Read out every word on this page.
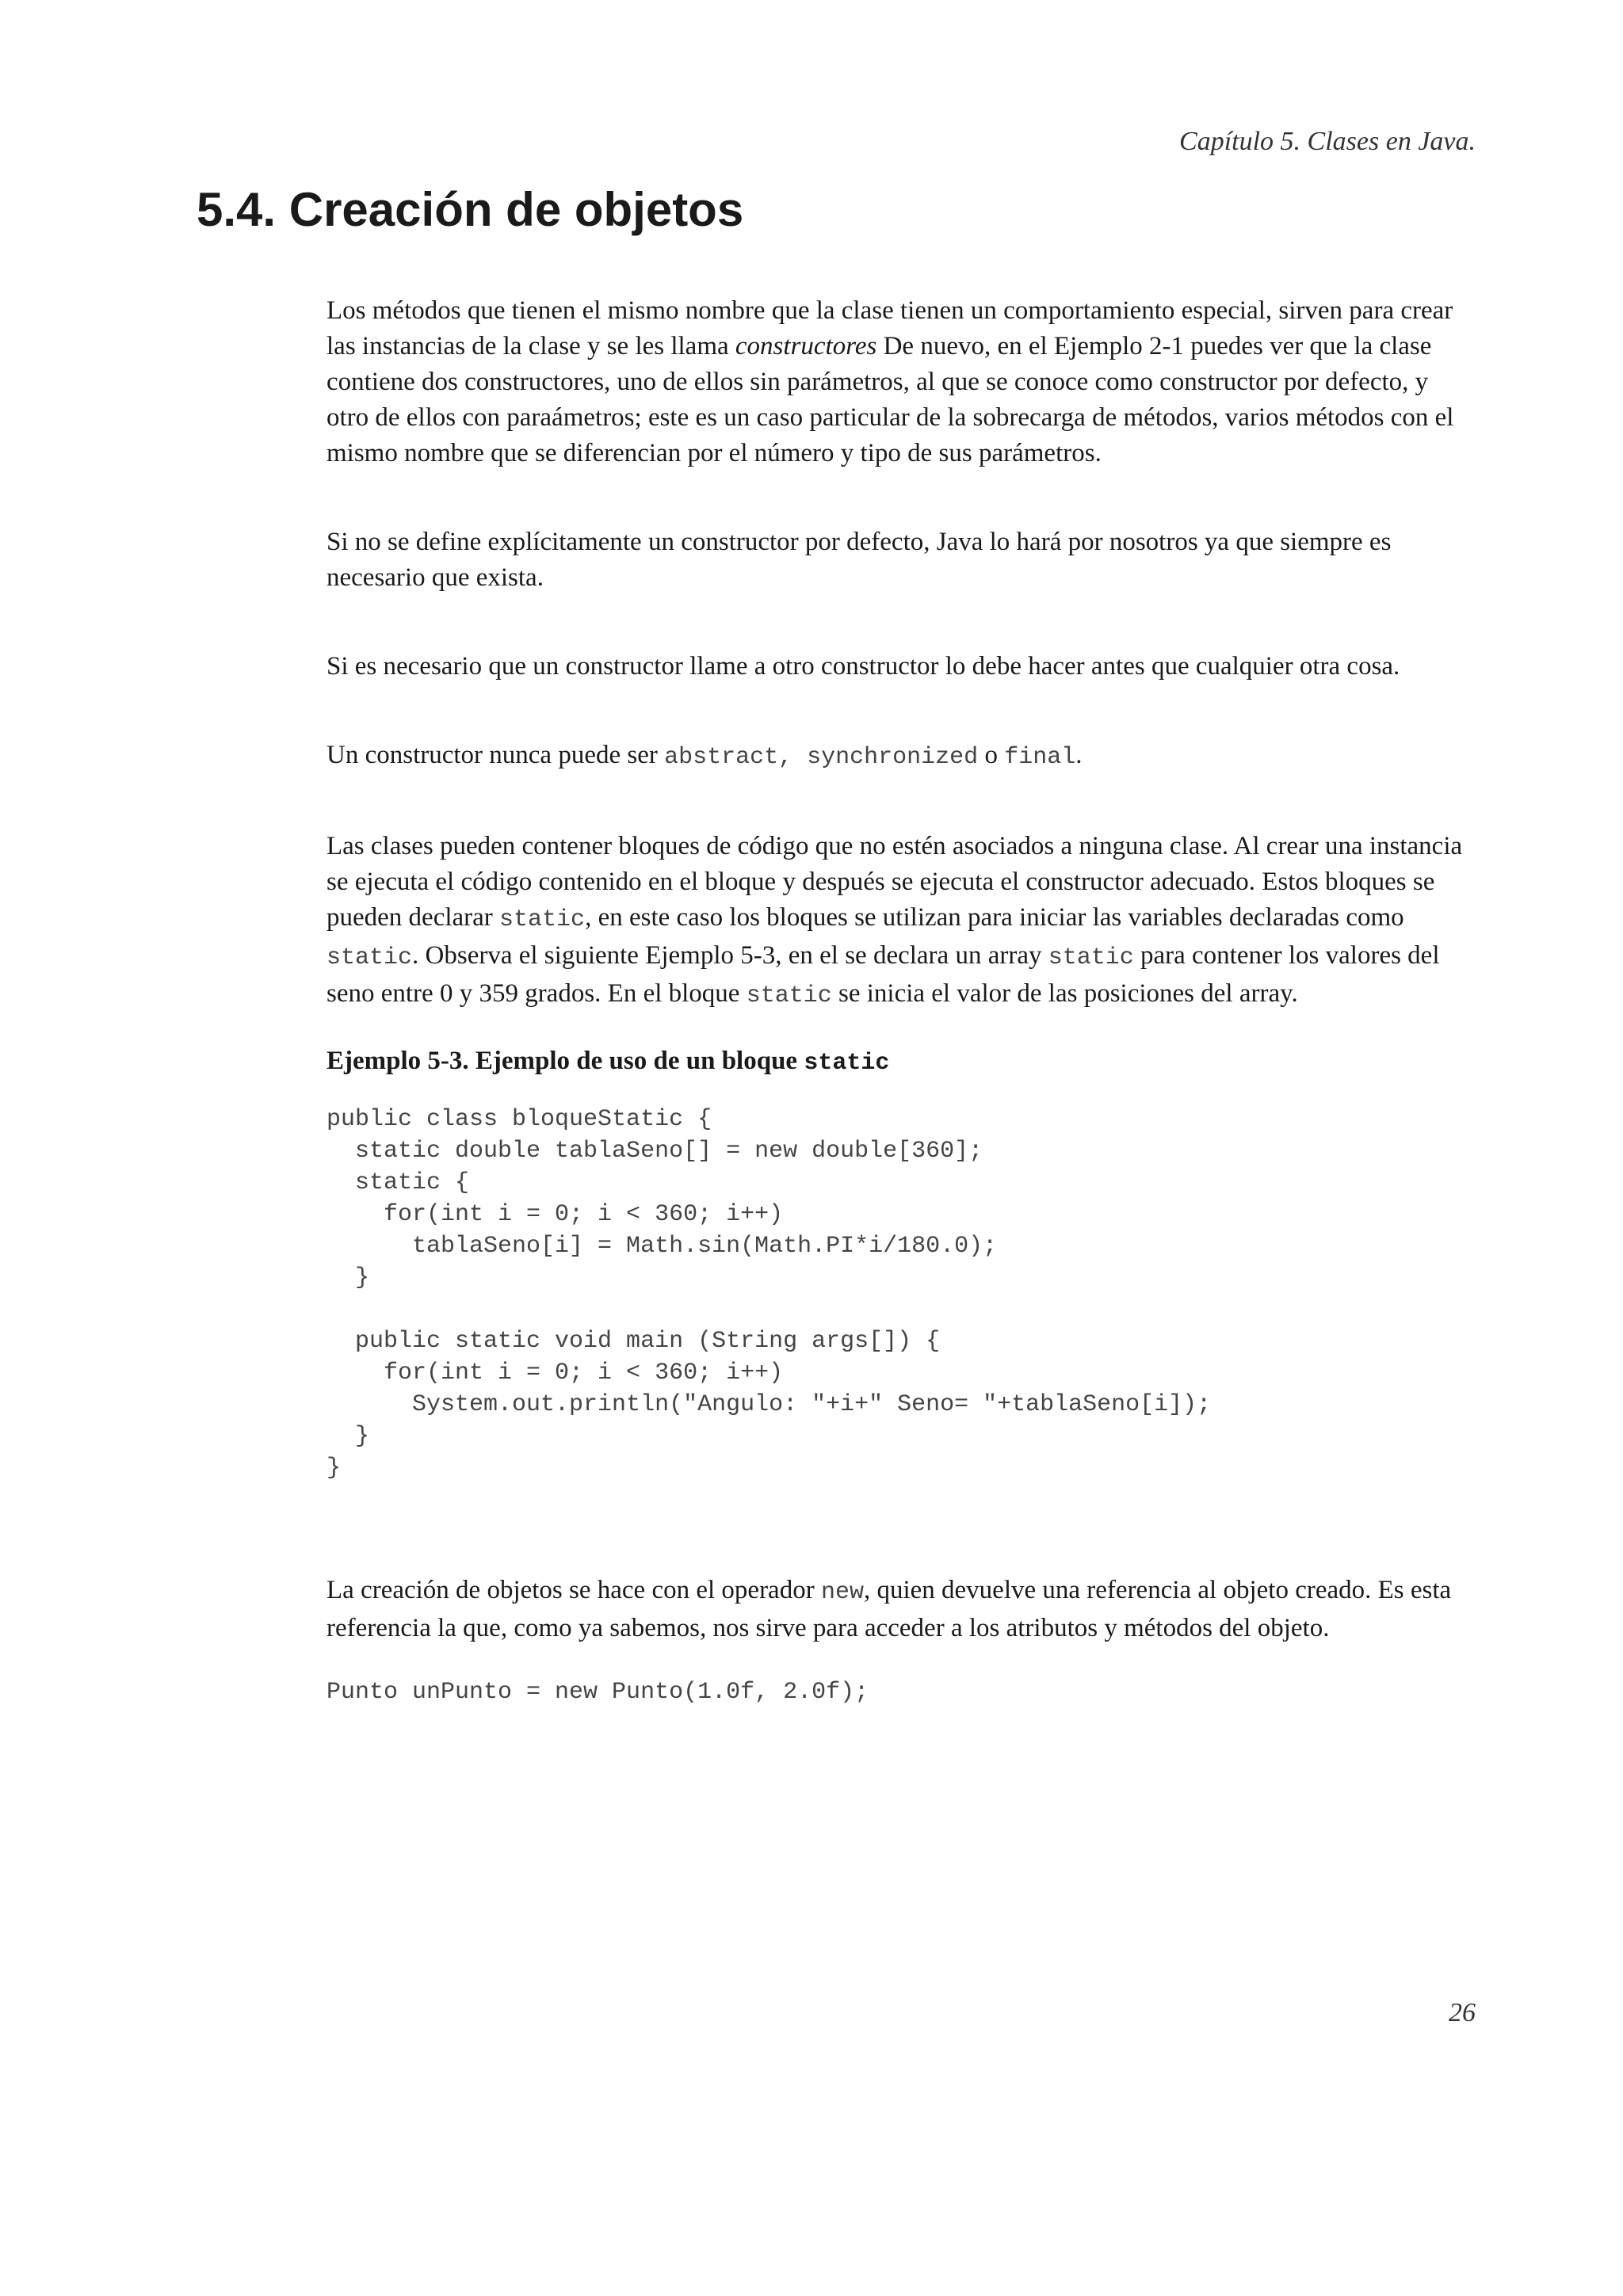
Capítulo 5. Clases en Java.
5.4. Creación de objetos

Los métodos que tienen el mismo nombre que la clase tienen un comportamiento especial, sirven para crear las instancias de la clase y se les llama constructores De nuevo, en el Ejemplo 2-1 puedes ver que la clase contiene dos constructores, uno de ellos sin parámetros, al que se conoce como constructor por defecto, y otro de ellos con paraámetros; este es un caso particular de la sobrecarga de métodos, varios métodos con el mismo nombre que se diferencian por el número y tipo de sus parámetros.

Si no se define explícitamente un constructor por defecto, Java lo hará por nosotros ya que siempre es necesario que exista.

Si es necesario que un constructor llame a otro constructor lo debe hacer antes que cualquier otra cosa.

Un constructor nunca puede ser abstract, synchronized o final.

Las clases pueden contener bloques de código que no estén asociados a ninguna clase. Al crear una instancia se ejecuta el código contenido en el bloque y después se ejecuta el constructor adecuado. Estos bloques se pueden declarar static, en este caso los bloques se utilizan para iniciar las variables declaradas como static. Observa el siguiente Ejemplo 5-3, en el se declara un array static para contener los valores del seno entre 0 y 359 grados. En el bloque static se inicia el valor de las posiciones del array.

Ejemplo 5-3. Ejemplo de uso de un bloque static

public class bloqueStatic {
static double tablaSeno[] = new double[360];
static {
for(int i = 0; i < 360; i++)
tablaSeno[i] = Math.sin(Math.PI*i/180.0);
}

public static void main (String args[]) {
for(int i = 0; i < 360; i++)
System.out.println("Angulo: "+i+" Seno= "+tablaSeno[i]);
}
}

La creación de objetos se hace con el operador new, quien devuelve una referencia al objeto creado. Es esta referencia la que, como ya sabemos, nos sirve para acceder a los atributos y métodos del objeto.

Punto unPunto = new Punto(1.0f, 2.0f);
26
